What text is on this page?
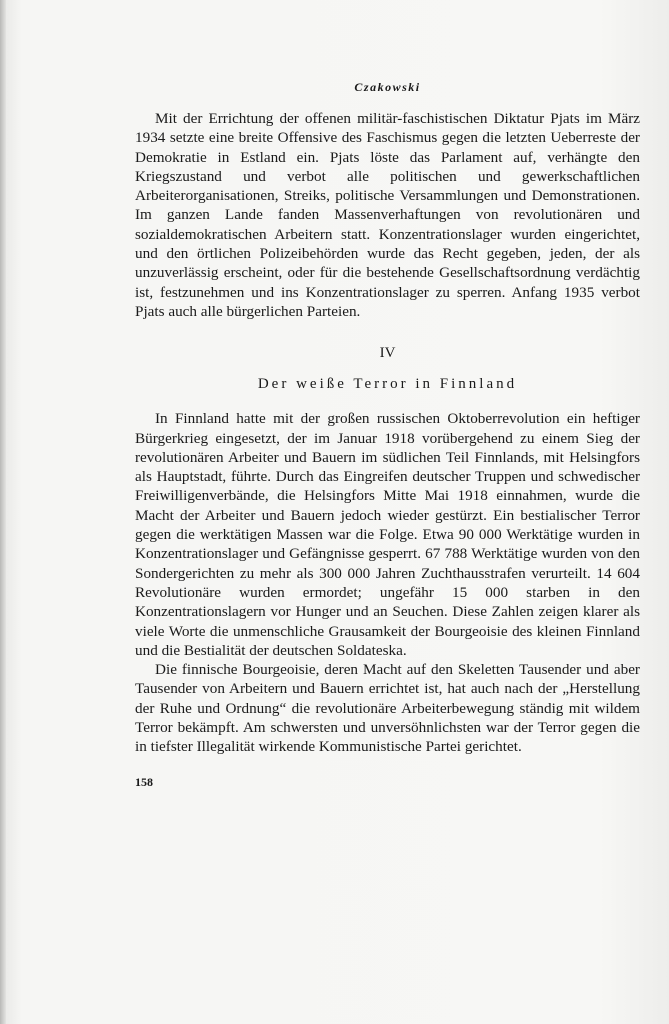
Czakowski

Mit der Errichtung der offenen militär-faschistischen Diktatur Pjats im März 1934 setzte eine breite Offensive des Faschismus gegen die letzten Ueberreste der Demokratie in Estland ein. Pjats löste das Parlament auf, verhängte den Kriegszustand und verbot alle politischen und gewerkschaftlichen Arbeiterorganisationen, Streiks, politische Versammlungen und Demonstrationen. Im ganzen Lande fanden Massenverhaftungen von revolutionären und sozialdemokratischen Arbeitern statt. Konzentrationslager wurden eingerichtet, und den örtlichen Polizeibehörden wurde das Recht gegeben, jeden, der als unzuverlässig erscheint, oder für die bestehende Gesellschaftsordnung verdächtig ist, festzunehmen und ins Konzentrationslager zu sperren. Anfang 1935 verbot Pjats auch alle bürgerlichen Parteien.

IV
Der weiße Terror in Finnland

In Finnland hatte mit der großen russischen Oktoberrevolution ein heftiger Bürgerkrieg eingesetzt, der im Januar 1918 vorübergehend zu einem Sieg der revolutionären Arbeiter und Bauern im südlichen Teil Finnlands, mit Helsingfors als Hauptstadt, führte. Durch das Eingreifen deutscher Truppen und schwedischer Freiwilligenverbände, die Helsingfors Mitte Mai 1918 einnahmen, wurde die Macht der Arbeiter und Bauern jedoch wieder gestürzt. Ein bestialischer Terror gegen die werktätigen Massen war die Folge. Etwa 90 000 Werktätige wurden in Konzentrationslager und Gefängnisse gesperrt. 67 788 Werktätige wurden von den Sondergerichten zu mehr als 300 000 Jahren Zuchthausstrafen verurteilt. 14 604 Revolutionäre wurden ermordet; ungefähr 15 000 starben in den Konzentrationslagern vor Hunger und an Seuchen. Diese Zahlen zeigen klarer als viele Worte die unmenschliche Grausamkeit der Bourgeoisie des kleinen Finnland und die Bestialität der deutschen Soldateska.

Die finnische Bourgeoisie, deren Macht auf den Skeletten Tausender und aber Tausender von Arbeitern und Bauern errichtet ist, hat auch nach der „Herstellung der Ruhe und Ordnung“ die revolutionäre Arbeiterbewegung ständig mit wildem Terror bekämpft. Am schwersten und unversöhnlichsten war der Terror gegen die in tiefster Illegalität wirkende Kommunistische Partei gerichtet.

158
